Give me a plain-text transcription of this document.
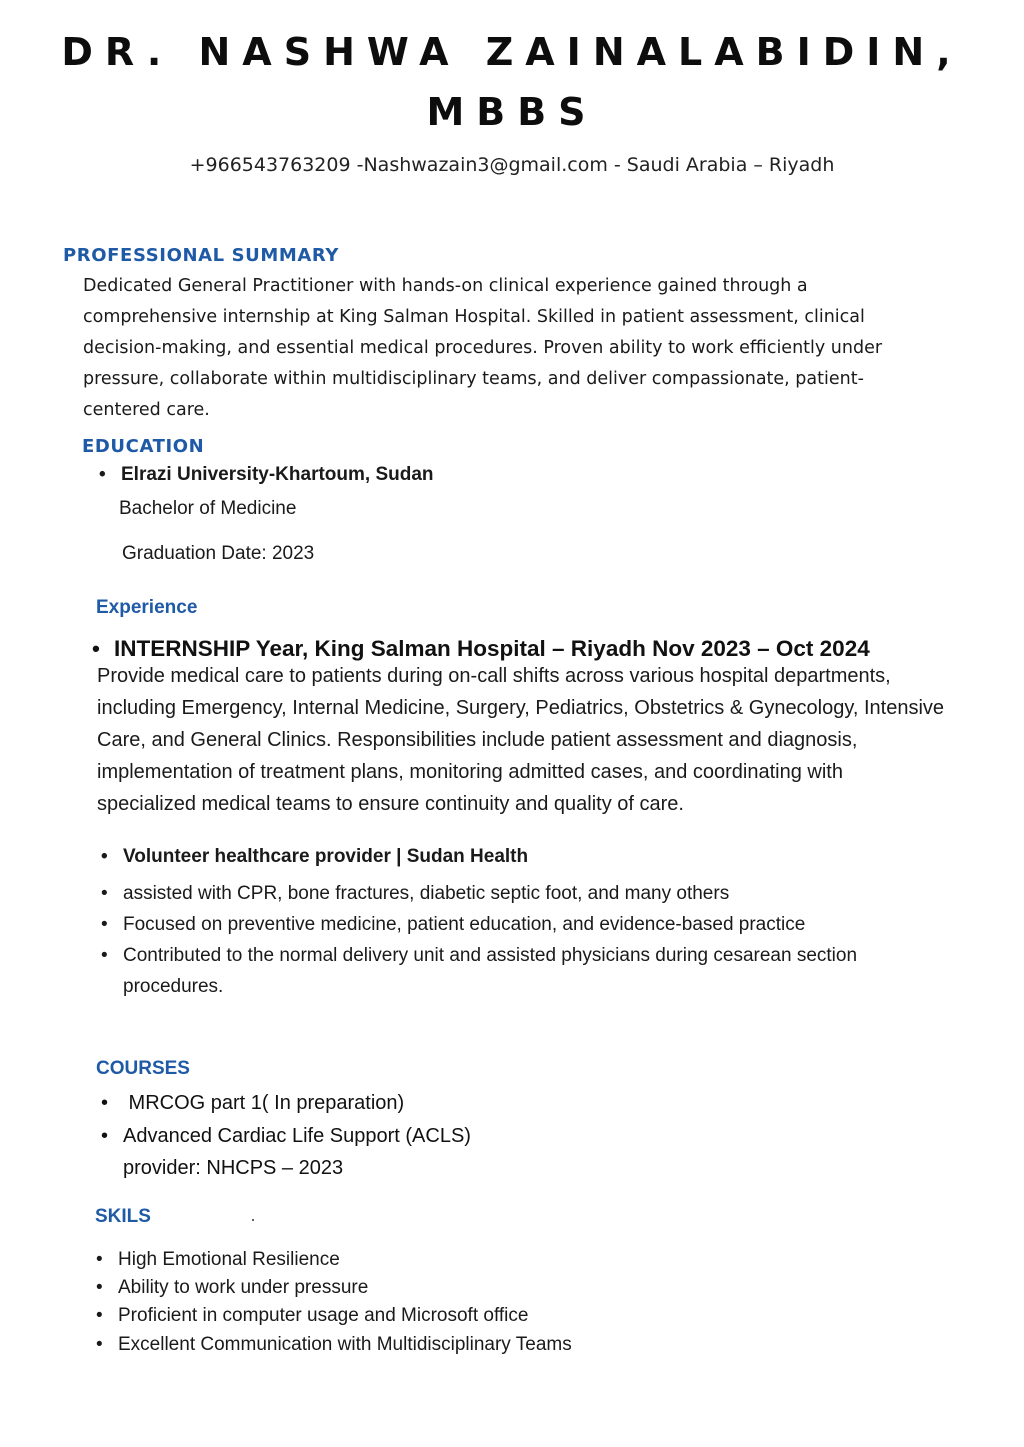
DR. NASHWA ZAINALABIDIN,
MBBS
+966543763209 -Nashwazain3@gmail.com - Saudi Arabia – Riyadh
PROFESSIONAL SUMMARY
Dedicated General Practitioner with hands-on clinical experience gained through a
comprehensive internship at King Salman Hospital. Skilled in patient assessment, clinical
decision-making, and essential medical procedures. Proven ability to work efficiently under
pressure, collaborate within multidisciplinary teams, and deliver compassionate, patient-
centered care.
EDUCATION
• Elrazi University-Khartoum, Sudan
Bachelor of Medicine
Graduation Date: 2023
Experience
• INTERNSHIP Year, King Salman Hospital – Riyadh Nov 2023 – Oct 2024
Provide medical care to patients during on-call shifts across various hospital departments,
including Emergency, Internal Medicine, Surgery, Pediatrics, Obstetrics & Gynecology, Intensive
Care, and General Clinics. Responsibilities include patient assessment and diagnosis,
implementation of treatment plans, monitoring admitted cases, and coordinating with
specialized medical teams to ensure continuity and quality of care.
• Volunteer healthcare provider | Sudan Health
• assisted with CPR, bone fractures, diabetic septic foot, and many others
• Focused on preventive medicine, patient education, and evidence-based practice
• Contributed to the normal delivery unit and assisted physicians during cesarean section
procedures.
COURSES
•  MRCOG part 1( In preparation)
• Advanced Cardiac Life Support (ACLS)
provider: NHCPS – 2023
SKILS
• High Emotional Resilience
• Ability to work under pressure
• Proficient in computer usage and Microsoft office
• Excellent Communication with Multidisciplinary Teams
